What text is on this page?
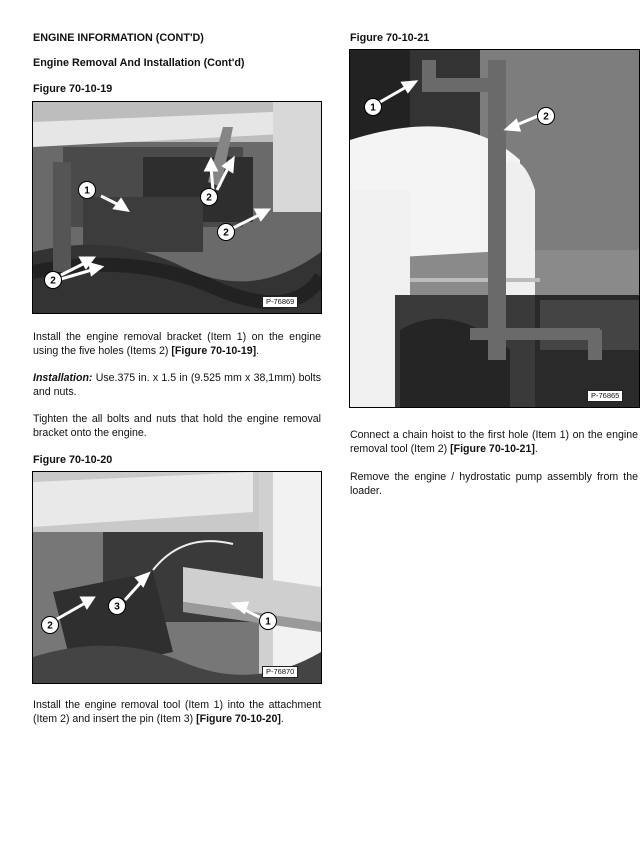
ENGINE INFORMATION (CONT'D)
Engine Removal And Installation (Cont'd)
Figure 70-10-19
1
2
2
2
P-76869
Install the engine removal bracket (Item 1) on the engine using the five holes (Items 2) [Figure 70-10-19].
Installation: Use.375 in. x 1.5 in (9.525 mm x 38,1mm) bolts and nuts.
Tighten the all bolts and nuts that hold the engine removal bracket onto the engine.
Figure 70-10-20
1
2
3
P-76870
Install the engine removal tool (Item 1) into the attachment (Item 2) and insert the pin (Item 3) [Figure 70-10-20].
Figure 70-10-21
1
2
P-76865
Connect a chain hoist to the first hole (Item 1) on the engine removal tool (Item 2) [Figure 70-10-21].
Remove the engine / hydrostatic pump assembly from the loader.
